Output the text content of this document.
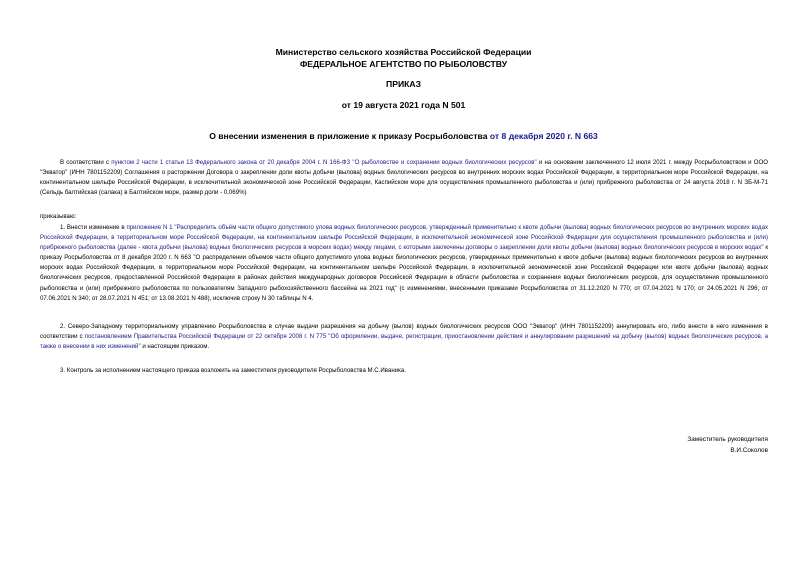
Министерство сельского хозяйства Российской Федерации
ФЕДЕРАЛЬНОЕ АГЕНТСТВО ПО РЫБОЛОВСТВУ
ПРИКАЗ
от 19 августа 2021 года N 501
О внесении изменения в приложение к приказу Росрыболовства от 8 декабря 2020 г. N 663
В соответствии с пунктом 2 части 1 статьи 13 Федерального закона от 20 декабря 2004 г. N 166-ФЗ "О рыболовстве и сохранении водных биологических ресурсов" и на основании заключенного 12 июля 2021 г. между Росрыболовством и ООО "Экватор" (ИНН 7801152209) Соглашения о расторжении Договора о закреплении доли квоты добычи (вылова) водных биологических ресурсов во внутренних морских водах Российской Федерации, в территориальном море Российской Федерации, на континентальном шельфе Российской Федерации, в исключительной экономической зоне Российской Федерации, Каспийском море для осуществления промышленного рыболовства и (или) прибрежного рыболовства от 24 августа 2018 г. N ЗБ-М-71 (Сельдь балтийская (салака) в Балтийском море, размер доли - 0,069%)
приказываю:
1. Внести изменение в приложение N 1 "Распределить объём части общего допустимого улова водных биологических ресурсов, утвержденный применительно к квоте добычи (вылова) водных биологических ресурсов во внутренних морских водах Российской Федерации, в территориальном море Российской Федерации, на континентальном шельфе Российской Федерации, в исключительной экономической зоне Российской Федерации для осуществления промышленного рыболовства и (или) прибрежного рыболовства (далее - квота добычи (вылова) водных биологических ресурсов в морских водах) между лицами, с которыми заключены договоры о закреплении доли квоты добычи (вылова) водных биологических ресурсов в морских водах" к приказу Росрыболовства от 8 декабря 2020 г. N 663 "О распределении объемов части общего допустимого улова водных биологических ресурсов, утвержденных применительно к квоте добычи (вылова) водных биологических ресурсов во внутренних морских водах Российской Федерации, в территориальном море Российской Федерации, на континентальном шельфе Российской Федерации, в исключительной экономической зоне Российской Федерации или квоте добычи (вылова) водных биологических ресурсов, предоставленной Российской Федерации в районах действия международных договоров Российской Федерации в области рыболовства и сохранения водных биологических ресурсов, для осуществления промышленного рыболовства и (или) прибрежного рыболовства по пользователям Западного рыбохозяйственного бассейна на 2021 год" (с изменениями, внесенными приказами Росрыболовства от 31.12.2020 N 770; от 07.04.2021 N 170; от 24.05.2021 N 296; от 07.06.2021 N 340; от 28.07.2021 N 451; от 13.08.2021 N 488), исключив строку N 30 таблицы N 4.
2. Северо-Западному территориальному управлению Росрыболовства в случае выдачи разрешения на добычу (вылов) водных биологических ресурсов ООО "Экватор" (ИНН 7801152209) аннулировать его, либо внести в него изменения в соответствии с постановлением Правительства Российской Федерации от 22 октября 2008 г. N 775 "Об оформлении, выдаче, регистрации, приостановлении действия и аннулировании разрешений на добычу (вылов) водных биологических ресурсов, а также о внесении в них изменений" и настоящим приказом.
3. Контроль за исполнением настоящего приказа возложить на заместителя руководителя Росрыболовства М.С.Иваника.
Заместитель руководителя
В.И.Соколов
